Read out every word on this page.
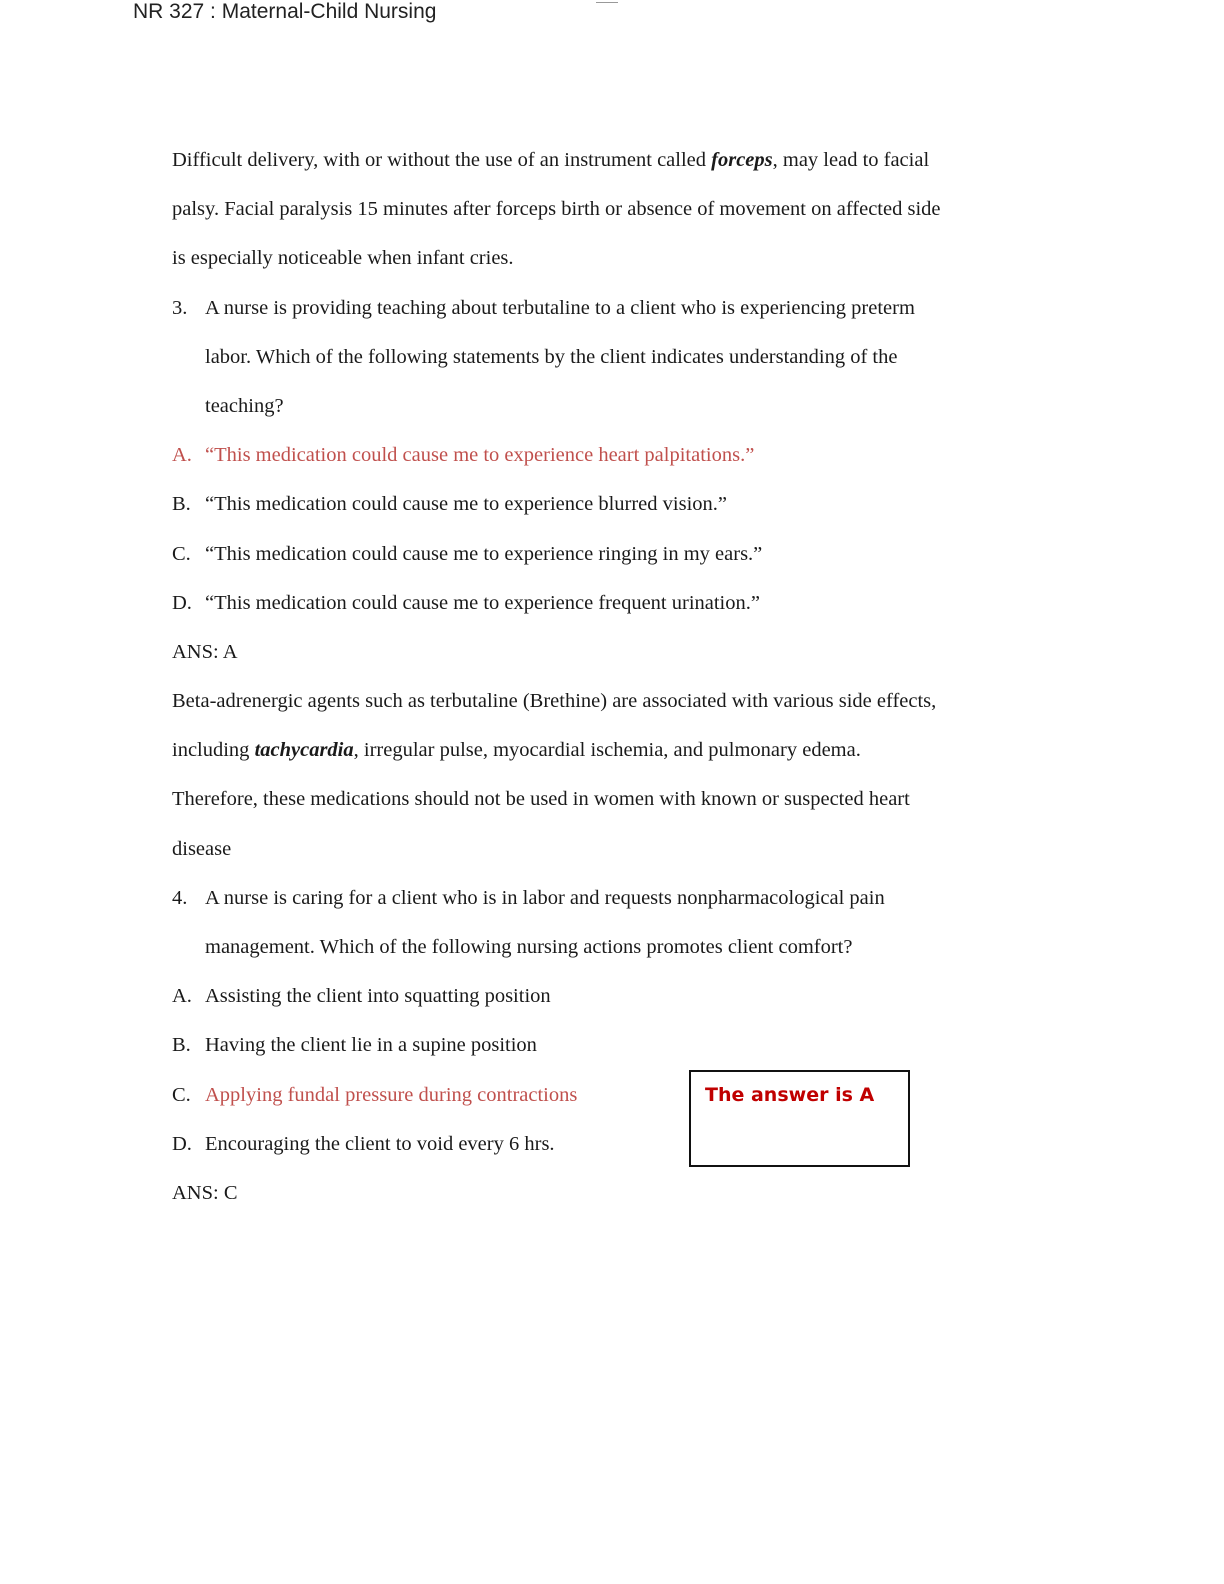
NR 327 : Maternal-Child Nursing
Difficult delivery, with or without the use of an instrument called forceps, may lead to facial
palsy. Facial paralysis 15 minutes after forceps birth or absence of movement on affected side
is especially noticeable when infant cries.
3. A nurse is providing teaching about terbutaline to a client who is experiencing preterm
labor. Which of the following statements by the client indicates understanding of the
teaching?
A. “This medication could cause me to experience heart palpitations.”
B. “This medication could cause me to experience blurred vision.”
C. “This medication could cause me to experience ringing in my ears.”
D. “This medication could cause me to experience frequent urination.”
ANS: A
Beta-adrenergic agents such as terbutaline (Brethine) are associated with various side effects,
including tachycardia, irregular pulse, myocardial ischemia, and pulmonary edema.
Therefore, these medications should not be used in women with known or suspected heart
disease
4. A nurse is caring for a client who is in labor and requests nonpharmacological pain
management. Which of the following nursing actions promotes client comfort?
A. Assisting the client into squatting position
B. Having the client lie in a supine position
C. Applying fundal pressure during contractions
D. Encouraging the client to void every 6 hrs.
ANS: C
The answer is A
